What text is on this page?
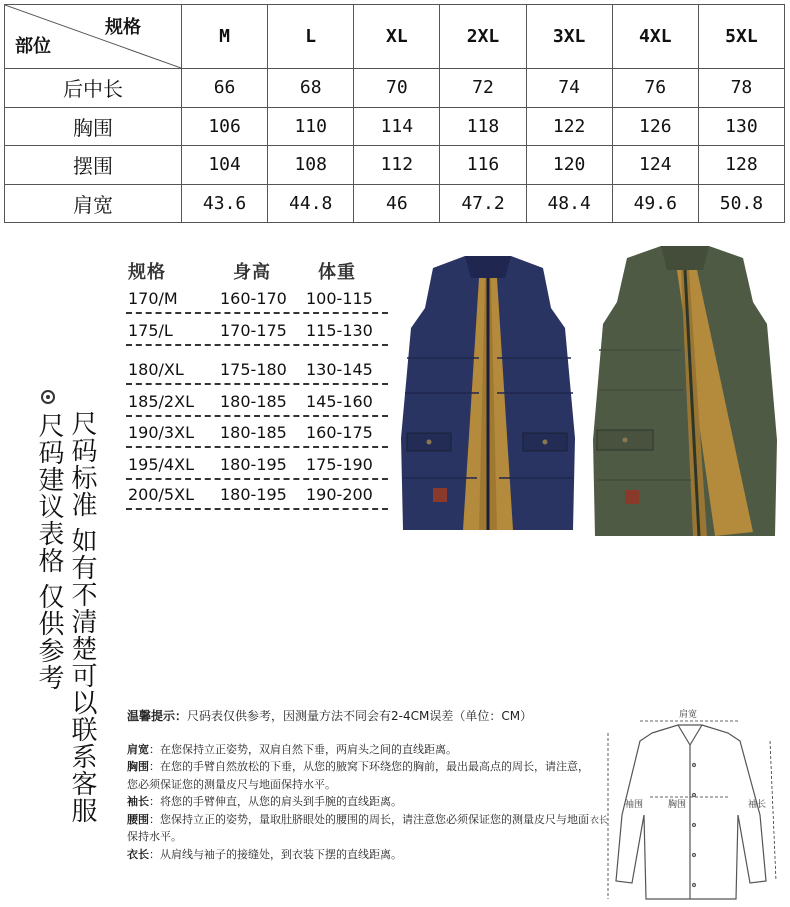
规格
部位	M	L	XL	2XL	3XL	4XL	5XL
后中长	66	68	70	72	74	76	78
胸围	106	110	114	118	122	126	130
摆围	104	108	112	116	120	124	128
肩宽	43.6	44.8	46	47.2	48.4	49.6	50.8
尺码标准 如有不清楚可以联系客服
尺码建议表格 仅供参考
规格	身高	体重
170/M	160-170 100-115
175/L	170-175 115-130
180/XL 175-180 130-145
185/2XL 180-185 145-160
190/3XL 180-185 160-175
195/4XL 180-195 175-190
200/5XL 180-195 190-200
温馨提示：尺码表仅供参考，因测量方法不同会有2-4CM误差（单位：CM）

肩宽：在您保持立正姿势，双肩自然下垂，两肩头之间的直线距离。

胸围：在您的手臂自然放松的下垂，从您的腋窝下环绕您的胸前，最出最高点的周长，请注意，您必须保证您的测量皮尺与地面保持水平。

袖长：将您的手臂伸直，从您的肩头到手腕的直线距离。

腰围：您保持立正的姿势，量取肚脐眼处的腰围的周长，请注意您必须保证您的测量皮尺与地面保持水平。

衣长：从肩线与袖子的接缝处，到衣装下摆的直线距离。

肩宽
衣长
袖围	胸围	袖长
